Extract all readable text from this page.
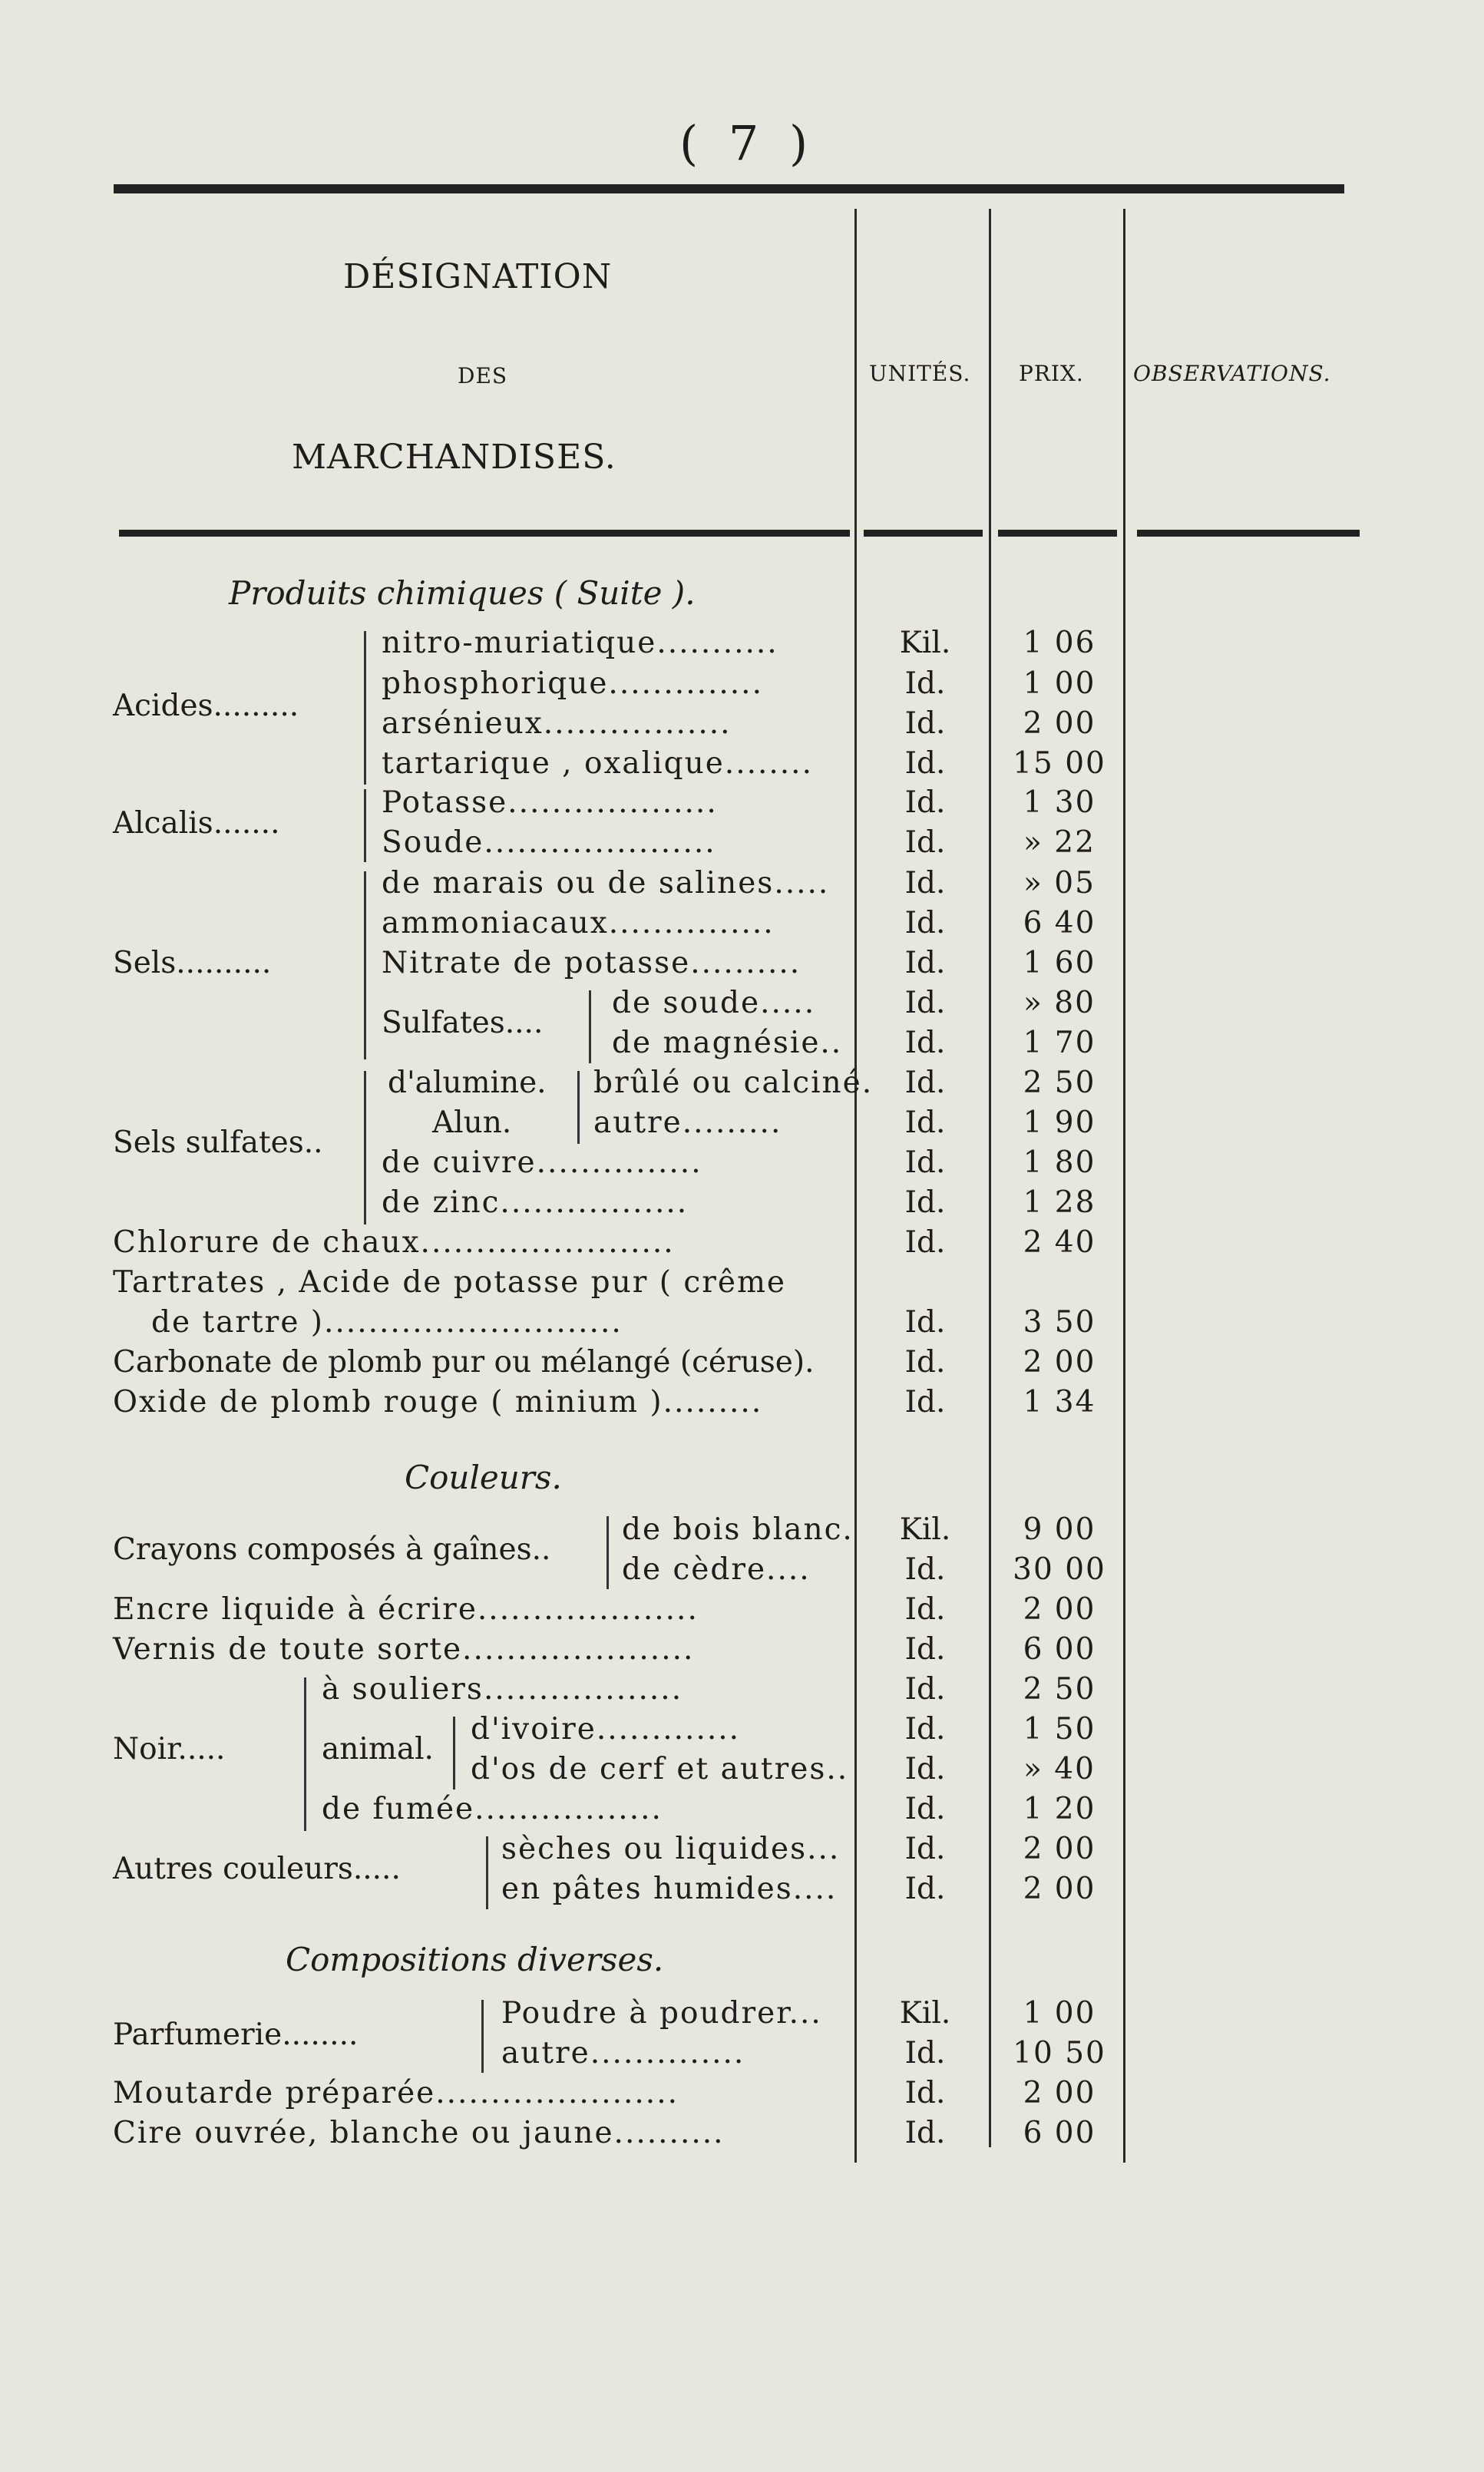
( 7 )
DÉSIGNATION
DES
MARCHANDISES.
UNITÉS. PRIX. OBSERVATIONS.
Produits chimiques ( Suite ).
Acides.........
nitro-muriatique...........
phosphorique..............
arsénieux.................
tartarique , oxalique........
Alcalis.......
Potasse...................
Soude.....................
Sels..........
de marais ou de salines.....
ammoniacaux...............
Nitrate de potasse..........
Sulfates....
de soude.....
de magnésie..
Sels sulfates..
d'alumine.
Alun.
brûlé ou calciné.
autre.........
de cuivre...............
de zinc.................
Chlorure de chaux.......................
Tartrates , Acide de potasse pur ( crême
de tartre )...........................
Carbonate de plomb pur ou mélangé (céruse).
Oxide de plomb rouge ( minium ).........
Couleurs.
Crayons composés à gaînes..
de bois blanc.
de cèdre....
Encre liquide à écrire....................
Vernis de toute sorte.....................
Noir.....
à souliers..................
animal.
d'ivoire.............
d'os de cerf et autres..
de fumée.................
Autres couleurs.....
sèches ou liquides...
en pâtes humides....
Compositions diverses.
Parfumerie........
Poudre à poudrer...
autre..............
Moutarde préparée......................
Cire ouvrée, blanche ou jaune..........
Kil.
Id.
Id.
Id.
Id.
Id.
Id.
Id.
Id.
Id.
Id.
Id.
Id.
Id.
Id.
Id.
Id.
Id.
Id.
Kil.
Id.
Id.
Id.
Id.
Id.
Id.
Id.
Id.
Id.
Kil.
Id.
Id.
Id.
1 06
1 00
2 00
15 00
1 30
» 22
» 05
6 40
1 60
» 80
1 70
2 50
1 90
1 80
1 28
2 40
3 50
2 00
1 34
9 00
30 00
2 00
6 00
2 50
1 50
» 40
1 20
2 00
2 00
1 00
10 50
2 00
6 00
